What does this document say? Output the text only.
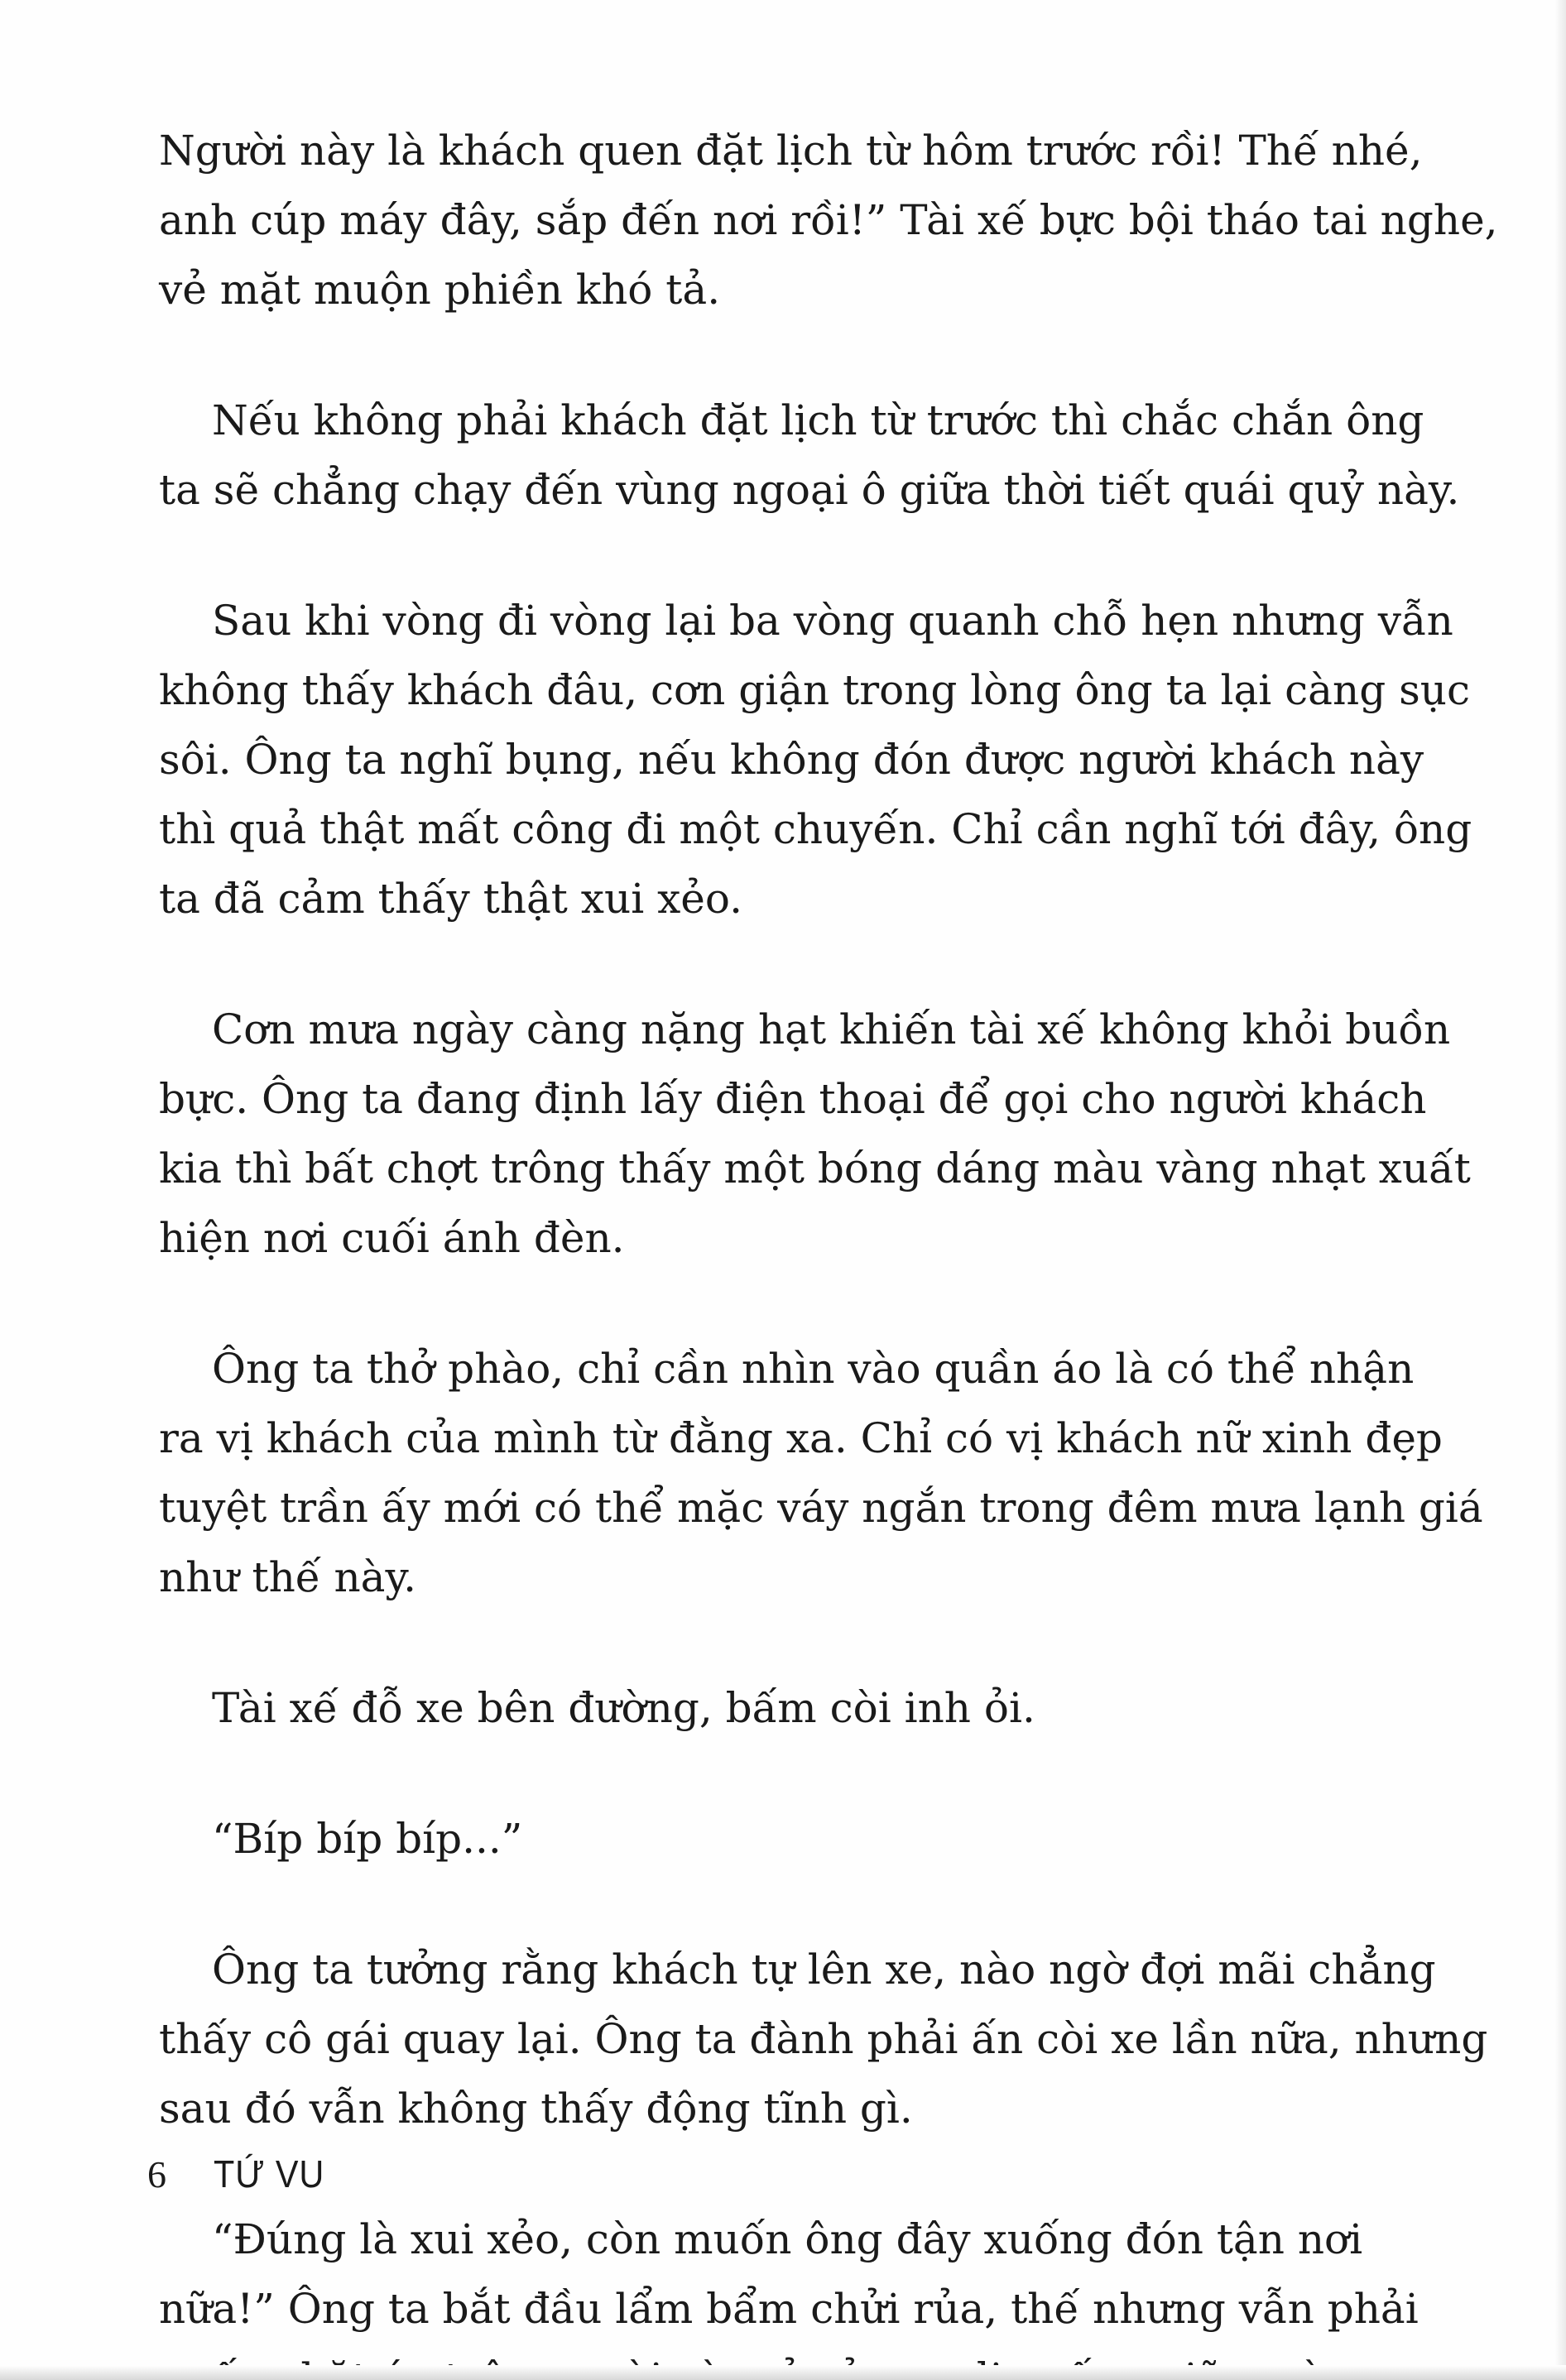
Người này là khách quen đặt lịch từ hôm trước rồi! Thế nhé,
anh cúp máy đây, sắp đến nơi rồi!” Tài xế bực bội tháo tai nghe,
vẻ mặt muộn phiền khó tả.

Nếu không phải khách đặt lịch từ trước thì chắc chắn ông
ta sẽ chẳng chạy đến vùng ngoại ô giữa thời tiết quái quỷ này.

Sau khi vòng đi vòng lại ba vòng quanh chỗ hẹn nhưng vẫn
không thấy khách đâu, cơn giận trong lòng ông ta lại càng sục
sôi. Ông ta nghĩ bụng, nếu không đón được người khách này
thì quả thật mất công đi một chuyến. Chỉ cần nghĩ tới đây, ông
ta đã cảm thấy thật xui xẻo.

Cơn mưa ngày càng nặng hạt khiến tài xế không khỏi buồn
bực. Ông ta đang định lấy điện thoại để gọi cho người khách
kia thì bất chợt trông thấy một bóng dáng màu vàng nhạt xuất
hiện nơi cuối ánh đèn.

Ông ta thở phào, chỉ cần nhìn vào quần áo là có thể nhận
ra vị khách của mình từ đằng xa. Chỉ có vị khách nữ xinh đẹp
tuyệt trần ấy mới có thể mặc váy ngắn trong đêm mưa lạnh giá
như thế này.

Tài xế đỗ xe bên đường, bấm còi inh ỏi.

“Bíp bíp bíp...”

Ông ta tưởng rằng khách tự lên xe, nào ngờ đợi mãi chẳng
thấy cô gái quay lại. Ông ta đành phải ấn còi xe lần nữa, nhưng
sau đó vẫn không thấy động tĩnh gì.

“Đúng là xui xẻo, còn muốn ông đây xuống đón tận nơi
nữa!” Ông ta bắt đầu lẩm bẩm chửi rủa, thế nhưng vẫn phải

6 TỨ VU
